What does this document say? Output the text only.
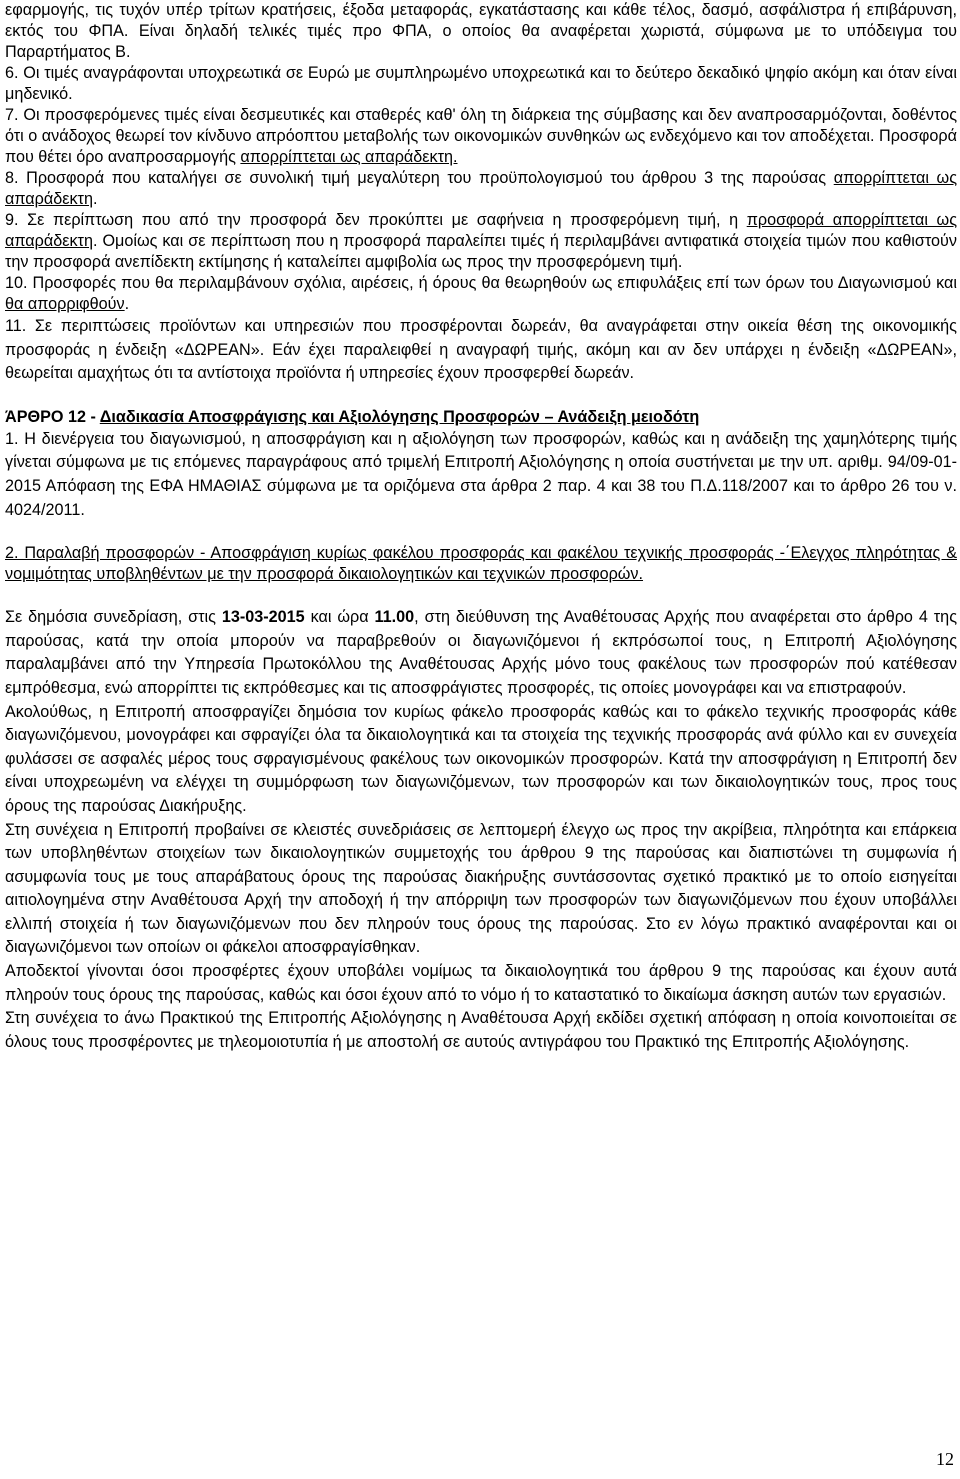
εφαρμογής, τις τυχόν υπέρ τρίτων κρατήσεις, έξοδα μεταφοράς, εγκατάστασης και κάθε τέλος, δασμό, ασφάλιστρα ή επιβάρυνση, εκτός του ΦΠΑ. Είναι δηλαδή τελικές τιμές προ ΦΠΑ, ο οποίος θα αναφέρεται χωριστά, σύμφωνα με το υπόδειγμα του Παραρτήματος Β.

6. Οι τιμές αναγράφονται υποχρεωτικά σε Ευρώ με συμπληρωμένο υποχρεωτικά και το δεύτερο δεκαδικό ψηφίο ακόμη και όταν είναι μηδενικό.

7. Οι προσφερόμενες τιμές είναι δεσμευτικές και σταθερές καθ' όλη τη διάρκεια της σύμβασης και δεν αναπροσαρμόζονται, δοθέντος ότι ο ανάδοχος θεωρεί τον κίνδυνο απρόοπτου μεταβολής των οικονομικών συνθηκών ως ενδεχόμενο και τον αποδέχεται. Προσφορά που θέτει όρο αναπροσαρμογής απορρίπτεται ως απαράδεκτη.

8. Προσφορά που καταλήγει σε συνολική τιμή μεγαλύτερη του προϋπολογισμού του άρθρου 3 της παρούσας απορρίπτεται ως απαράδεκτη.

9. Σε περίπτωση που από την προσφορά δεν προκύπτει με σαφήνεια η προσφερόμενη τιμή, η προσφορά απορρίπτεται ως απαράδεκτη. Ομοίως και σε περίπτωση που η προσφορά παραλείπει τιμές ή περιλαμβάνει αντιφατικά στοιχεία τιμών που καθιστούν την προσφορά ανεπίδεκτη εκτίμησης ή καταλείπει αμφιβολία ως προς την προσφερόμενη τιμή.

10. Προσφορές που θα περιλαμβάνουν σχόλια, αιρέσεις, ή όρους θα θεωρηθούν ως επιφυλάξεις επί των όρων του Διαγωνισμού και θα απορριφθούν.

11. Σε περιπτώσεις προϊόντων και υπηρεσιών που προσφέρονται δωρεάν, θα αναγράφεται στην οικεία θέση της οικονομικής προσφοράς η ένδειξη «ΔΩΡΕΑΝ». Εάν έχει παραλειφθεί η αναγραφή τιμής, ακόμη και αν δεν υπάρχει η ένδειξη «ΔΩΡΕΑΝ», θεωρείται αμαχήτως ότι τα αντίστοιχα προϊόντα ή υπηρεσίες έχουν προσφερθεί δωρεάν.

ΆΡΘΡΟ 12 - Διαδικασία Αποσφράγισης και Αξιολόγησης Προσφορών – Ανάδειξη μειοδότη

1. Η διενέργεια του διαγωνισμού, η αποσφράγιση και η αξιολόγηση των προσφορών, καθώς και η ανάδειξη της χαμηλότερης τιμής γίνεται σύμφωνα με τις επόμενες παραγράφους από τριμελή Επιτροπή Αξιολόγησης η οποία συστήνεται με την υπ. αριθμ. 94/09-01-2015 Απόφαση της ΕΦΑ ΗΜΑΘΙΑΣ σύμφωνα με τα οριζόμενα στα άρθρα 2 παρ. 4 και 38 του Π.Δ.118/2007 και το άρθρο 26 του ν. 4024/2011.

2. Παραλαβή προσφορών - Αποσφράγιση κυρίως φακέλου προσφοράς και φακέλου τεχνικής προσφοράς -΄Ελεγχος πληρότητας & νομιμότητας υποβληθέντων με την προσφορά δικαιολογητικών και τεχνικών προσφορών.

Σε δημόσια συνεδρίαση, στις 13-03-2015 και ώρα 11.00, στη διεύθυνση της Αναθέτουσας Αρχής που αναφέρεται στο άρθρο 4 της παρούσας, κατά την οποία μπορούν να παραβρεθούν οι διαγωνιζόμενοι ή εκπρόσωποί τους, η Επιτροπή Αξιολόγησης παραλαμβάνει από την Υπηρεσία Πρωτοκόλλου της Αναθέτουσας Αρχής μόνο τους φακέλους των προσφορών πού κατέθεσαν εμπρόθεσμα, ενώ απορρίπτει τις εκπρόθεσμες και τις αποσφράγιστες προσφορές, τις οποίες μονογράφει και να επιστραφούν.

Ακολούθως, η Επιτροπή αποσφραγίζει δημόσια τον κυρίως φάκελο προσφοράς καθώς και το φάκελο τεχνικής προσφοράς κάθε διαγωνιζόμενου, μονογράφει και σφραγίζει όλα τα δικαιολογητικά και τα στοιχεία της τεχνικής προσφοράς ανά φύλλο και εν συνεχεία φυλάσσει σε ασφαλές μέρος τους σφραγισμένους φακέλους των οικονομικών προσφορών. Κατά την αποσφράγιση η Επιτροπή δεν είναι υποχρεωμένη να ελέγχει τη συμμόρφωση των διαγωνιζόμενων, των προσφορών και των δικαιολογητικών τους, προς τους όρους της παρούσας Διακήρυξης.

Στη συνέχεια η Επιτροπή προβαίνει σε κλειστές συνεδριάσεις σε λεπτομερή έλεγχο ως προς την ακρίβεια, πληρότητα και επάρκεια των υποβληθέντων στοιχείων των δικαιολογητικών συμμετοχής του άρθρου 9 της παρούσας και διαπιστώνει τη συμφωνία ή ασυμφωνία τους με τους απαράβατους όρους της παρούσας διακήρυξης συντάσσοντας σχετικό πρακτικό με το οποίο εισηγείται αιτιολογημένα στην Αναθέτουσα Αρχή την αποδοχή ή την απόρριψη των προσφορών των διαγωνιζόμενων που έχουν υποβάλλει ελλιπή στοιχεία ή των διαγωνιζόμενων που δεν πληρούν τους όρους της παρούσας. Στο εν λόγω πρακτικό αναφέρονται και οι διαγωνιζόμενοι των οποίων οι φάκελοι αποσφραγίσθηκαν.

Αποδεκτοί γίνονται όσοι προσφέρτες έχουν υποβάλει νομίμως τα δικαιολογητικά του άρθρου 9 της παρούσας και έχουν αυτά πληρούν τους όρους της παρούσας, καθώς και όσοι έχουν από το νόμο ή το καταστατικό το δικαίωμα άσκηση αυτών των εργασιών.

Στη συνέχεια το άνω Πρακτικού της Επιτροπής Αξιολόγησης η Αναθέτουσα Αρχή εκδίδει σχετική απόφαση η οποία κοινοποιείται σε όλους τους προσφέροντες με τηλεομοιοτυπία ή με αποστολή σε αυτούς αντιγράφου του Πρακτικό της Επιτροπής Αξιολόγησης.

12
